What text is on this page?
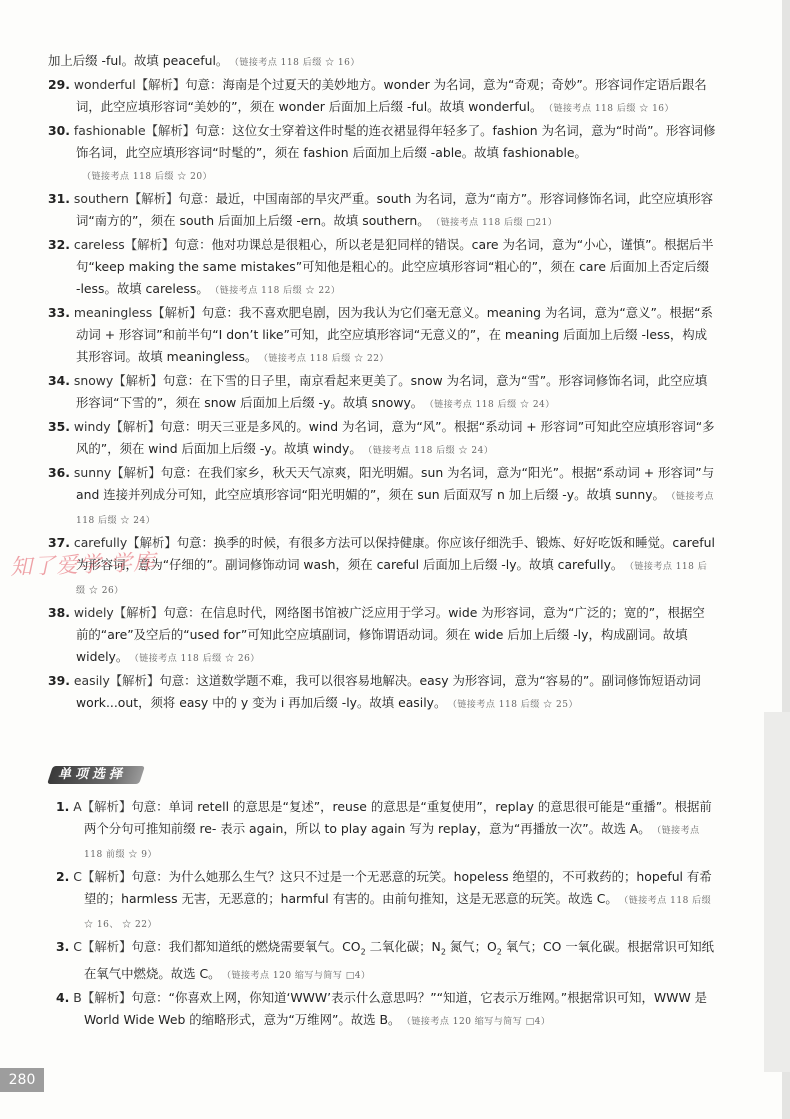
加上后缀 -ful。故填 peaceful。 （链接考点 118 后缀 ☆ 16）
29. wonderful【解析】句意：海南是个过夏天的美妙地方。wonder 为名词，意为“奇观；奇妙”。形容词作定语后跟名词，此空应填形容词“美妙的”，须在 wonder 后面加上后缀 -ful。故填 wonderful。 （链接考点 118 后缀 ☆ 16）
30. fashionable【解析】句意：这位女士穿着这件时髦的连衣裙显得年轻多了。fashion 为名词，意为“时尚”。形容词修饰名词，此空应填形容词“时髦的”，须在 fashion 后面加上后缀 -able。故填 fashionable。（链接考点 118 后缀 ☆ 20）
31. southern【解析】句意：最近，中国南部的旱灾严重。south 为名词，意为“南方”。形容词修饰名词，此空应填形容词“南方的”，须在 south 后面加上后缀 -ern。故填 southern。 （链接考点 118 后缀 □21）
32. careless【解析】句意：他对功课总是很粗心，所以老是犯同样的错误。care 为名词，意为“小心，谨慎”。根据后半句“keep making the same mistakes”可知他是粗心的。此空应填形容词“粗心的”，须在 care 后面加上否定后缀 -less。故填 careless。 （链接考点 118 后缀 ☆ 22）
33. meaningless【解析】句意：我不喜欢肥皂剧，因为我认为它们毫无意义。meaning 为名词，意为“意义”。根据“系动词 + 形容词”和前半句“I don’t like”可知，此空应填形容词“无意义的”，在 meaning 后面加上后缀 -less，构成其形容词。故填 meaningless。 （链接考点 118 后缀 ☆ 22）
34. snowy【解析】句意：在下雪的日子里，南京看起来更美了。snow 为名词，意为“雪”。形容词修饰名词，此空应填形容词“下雪的”，须在 snow 后面加上后缀 -y。故填 snowy。 （链接考点 118 后缀 ☆ 24）
35. windy【解析】句意：明天三亚是多风的。wind 为名词，意为“风”。根据“系动词 + 形容词”可知此空应填形容词“多风的”，须在 wind 后面加上后缀 -y。故填 windy。 （链接考点 118 后缀 ☆ 24）
36. sunny【解析】句意：在我们家乡，秋天天气凉爽，阳光明媚。sun 为名词，意为“阳光”。根据“系动词 + 形容词”与 and 连接并列成分可知，此空应填形容词“阳光明媚的”，须在 sun 后面双写 n 加上后缀 -y。故填 sunny。 （链接考点 118 后缀 ☆ 24）
37. carefully【解析】句意：换季的时候，有很多方法可以保持健康。你应该仔细洗手、锻炼、好好吃饭和睡觉。careful 为形容词，意为“仔细的”。副词修饰动词 wash，须在 careful 后面加上后缀 -ly。故填 carefully。 （链接考点 118 后缀 ☆ 26）
38. widely【解析】句意：在信息时代，网络图书馆被广泛应用于学习。wide 为形容词，意为“广泛的；宽的”，根据空前的“are”及空后的“used for”可知此空应填副词，修饰谓语动词。须在 wide 后加上后缀 -ly，构成副词。故填 widely。 （链接考点 118 后缀 ☆ 26）
39. easily【解析】句意：这道数学题不难，我可以很容易地解决。easy 为形容词，意为“容易的”。副词修饰短语动词 work...out，须将 easy 中的 y 变为 i 再加后缀 -ly。故填 easily。 （链接考点 118 后缀 ☆ 25）
知了爱学·学库
单项选择
1. A【解析】句意：单词 retell 的意思是“复述”，reuse 的意思是“重复使用”，replay 的意思很可能是“重播”。根据前两个分句可推知前缀 re- 表示 again，所以 to play again 写为 replay，意为“再播放一次”。故选 A。 （链接考点 118 前缀 ☆ 9）
2. C【解析】句意：为什么她那么生气？这只不过是一个无恶意的玩笑。hopeless 绝望的，不可救药的；hopeful 有希望的；harmless 无害，无恶意的；harmful 有害的。由前句推知，这是无恶意的玩笑。故选 C。 （链接考点 118 后缀 ☆ 16、 ☆ 22）
3. C【解析】句意：我们都知道纸的燃烧需要氧气。$CO_2$ 二氧化碳；$N_2$ 氮气；$O_2$ 氧气；CO 一氧化碳。根据常识可知纸在氧气中燃烧。故选 C。 （链接考点 120 缩写与简写 □4）
4. B【解析】句意：“你喜欢上网，你知道‘WWW’表示什么意思吗？”“知道，它表示万维网。”根据常识可知，WWW 是 World Wide Web 的缩略形式，意为“万维网”。故选 B。 （链接考点 120 缩写与简写 □4）
280
